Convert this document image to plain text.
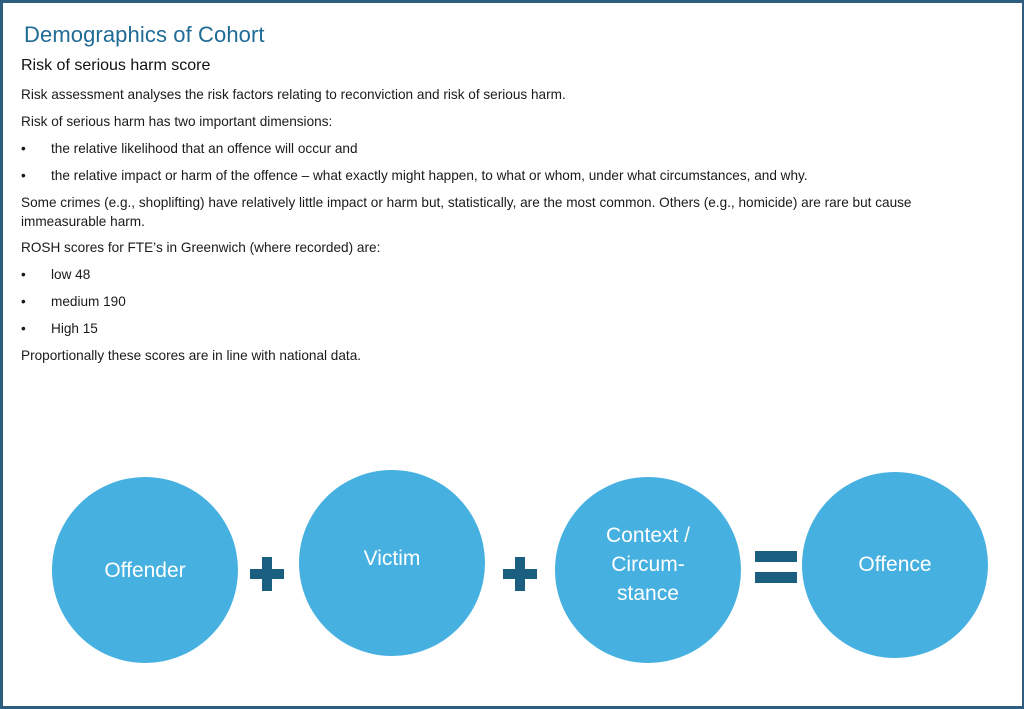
Demographics of Cohort
Risk of serious harm score
Risk assessment analyses the risk factors relating to reconviction and risk of serious harm.
Risk of serious harm has two important dimensions:
• the relative likelihood that an offence will occur and
• the relative impact or harm of the offence – what exactly might happen, to what or whom, under what circumstances, and why.
Some crimes (e.g., shoplifting) have relatively little impact or harm but, statistically, are the most common. Others (e.g., homicide) are rare but cause immeasurable harm.
ROSH scores for FTE’s in Greenwich (where recorded) are:
• low 48
• medium 190
• High 15
Proportionally these scores are in line with national data.
Offender
Victim
Context /
Circum-
stance
Offence
